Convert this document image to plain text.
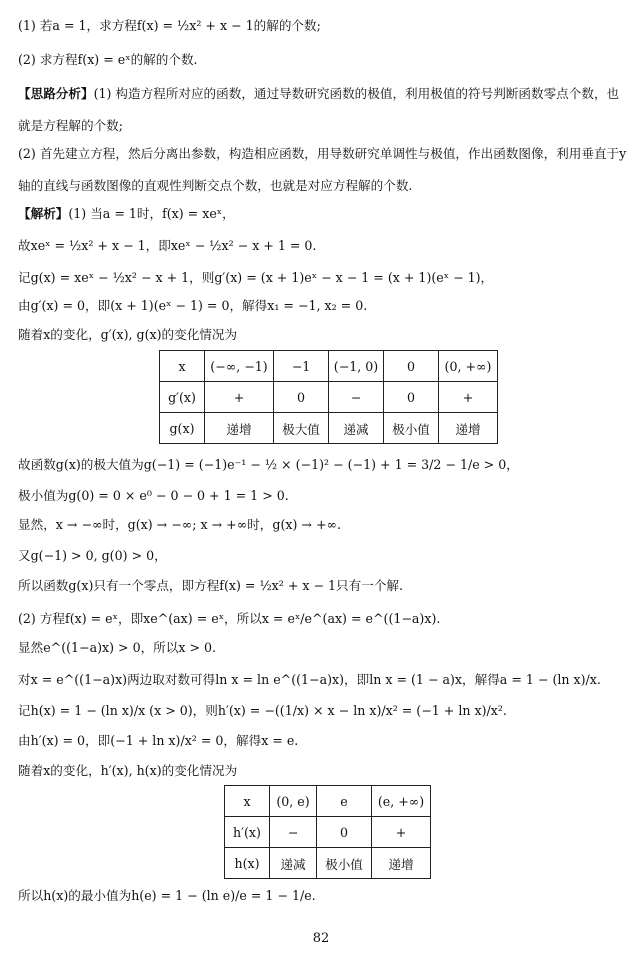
(1) 若a = 1，求方程f(x) = ½x² + x − 1的解的个数;
(2) 求方程f(x) = eˣ的解的个数.
【思路分析】(1) 构造方程所对应的函数，通过导数研究函数的极值，利用极值的符号判断函数零点个数，也就是方程解的个数;
(2) 首先建立方程，然后分离出参数，构造相应函数，用导数研究单调性与极值，作出函数图像，利用垂直于y轴的直线与函数图像的直观性判断交点个数，也就是对应方程解的个数.
【解析】(1) 当a = 1时，f(x) = xeˣ，
故xeˣ = ½x² + x − 1，即xeˣ − ½x² − x + 1 = 0.
记g(x) = xeˣ − ½x² − x + 1，则g′(x) = (x + 1)eˣ − x − 1 = (x + 1)(eˣ − 1)，
由g′(x) = 0，即(x + 1)(eˣ − 1) = 0，解得x₁ = −1, x₂ = 0.
随着x的变化，g′(x), g(x)的变化情况为
x	(−∞, −1)	−1	(−1, 0)	0	(0, +∞)
g′(x)	+	0	−	0	+
g(x)	递增	极大值	递减	极小值	递增
故函数g(x)的极大值为g(−1) = (−1)e⁻¹ − ½ × (−1)² − (−1) + 1 = 3/2 − 1/e > 0，
极小值为g(0) = 0 × e⁰ − 0 − 0 + 1 = 1 > 0.
显然，x → −∞时，g(x) → −∞; x → +∞时，g(x) → +∞.
又g(−1) > 0, g(0) > 0，
所以函数g(x)只有一个零点，即方程f(x) = ½x² + x − 1只有一个解.
(2) 方程f(x) = eˣ，即xe^(ax) = eˣ，所以x = eˣ/e^(ax) = e^((1−a)x).
显然e^((1−a)x) > 0，所以x > 0.
对x = e^((1−a)x)两边取对数可得ln x = ln e^((1−a)x)，即ln x = (1 − a)x，解得a = 1 − (ln x)/x.
记h(x) = 1 − (ln x)/x (x > 0)，则h′(x) = −((1/x) × x − ln x)/x² = (−1 + ln x)/x².
由h′(x) = 0，即(−1 + ln x)/x² = 0，解得x = e.
随着x的变化，h′(x), h(x)的变化情况为
x	(0, e)	e	(e, +∞)
h′(x)	−	0	+
h(x)	递减	极小值	递增
所以h(x)的最小值为h(e) = 1 − (ln e)/e = 1 − 1/e.
82
